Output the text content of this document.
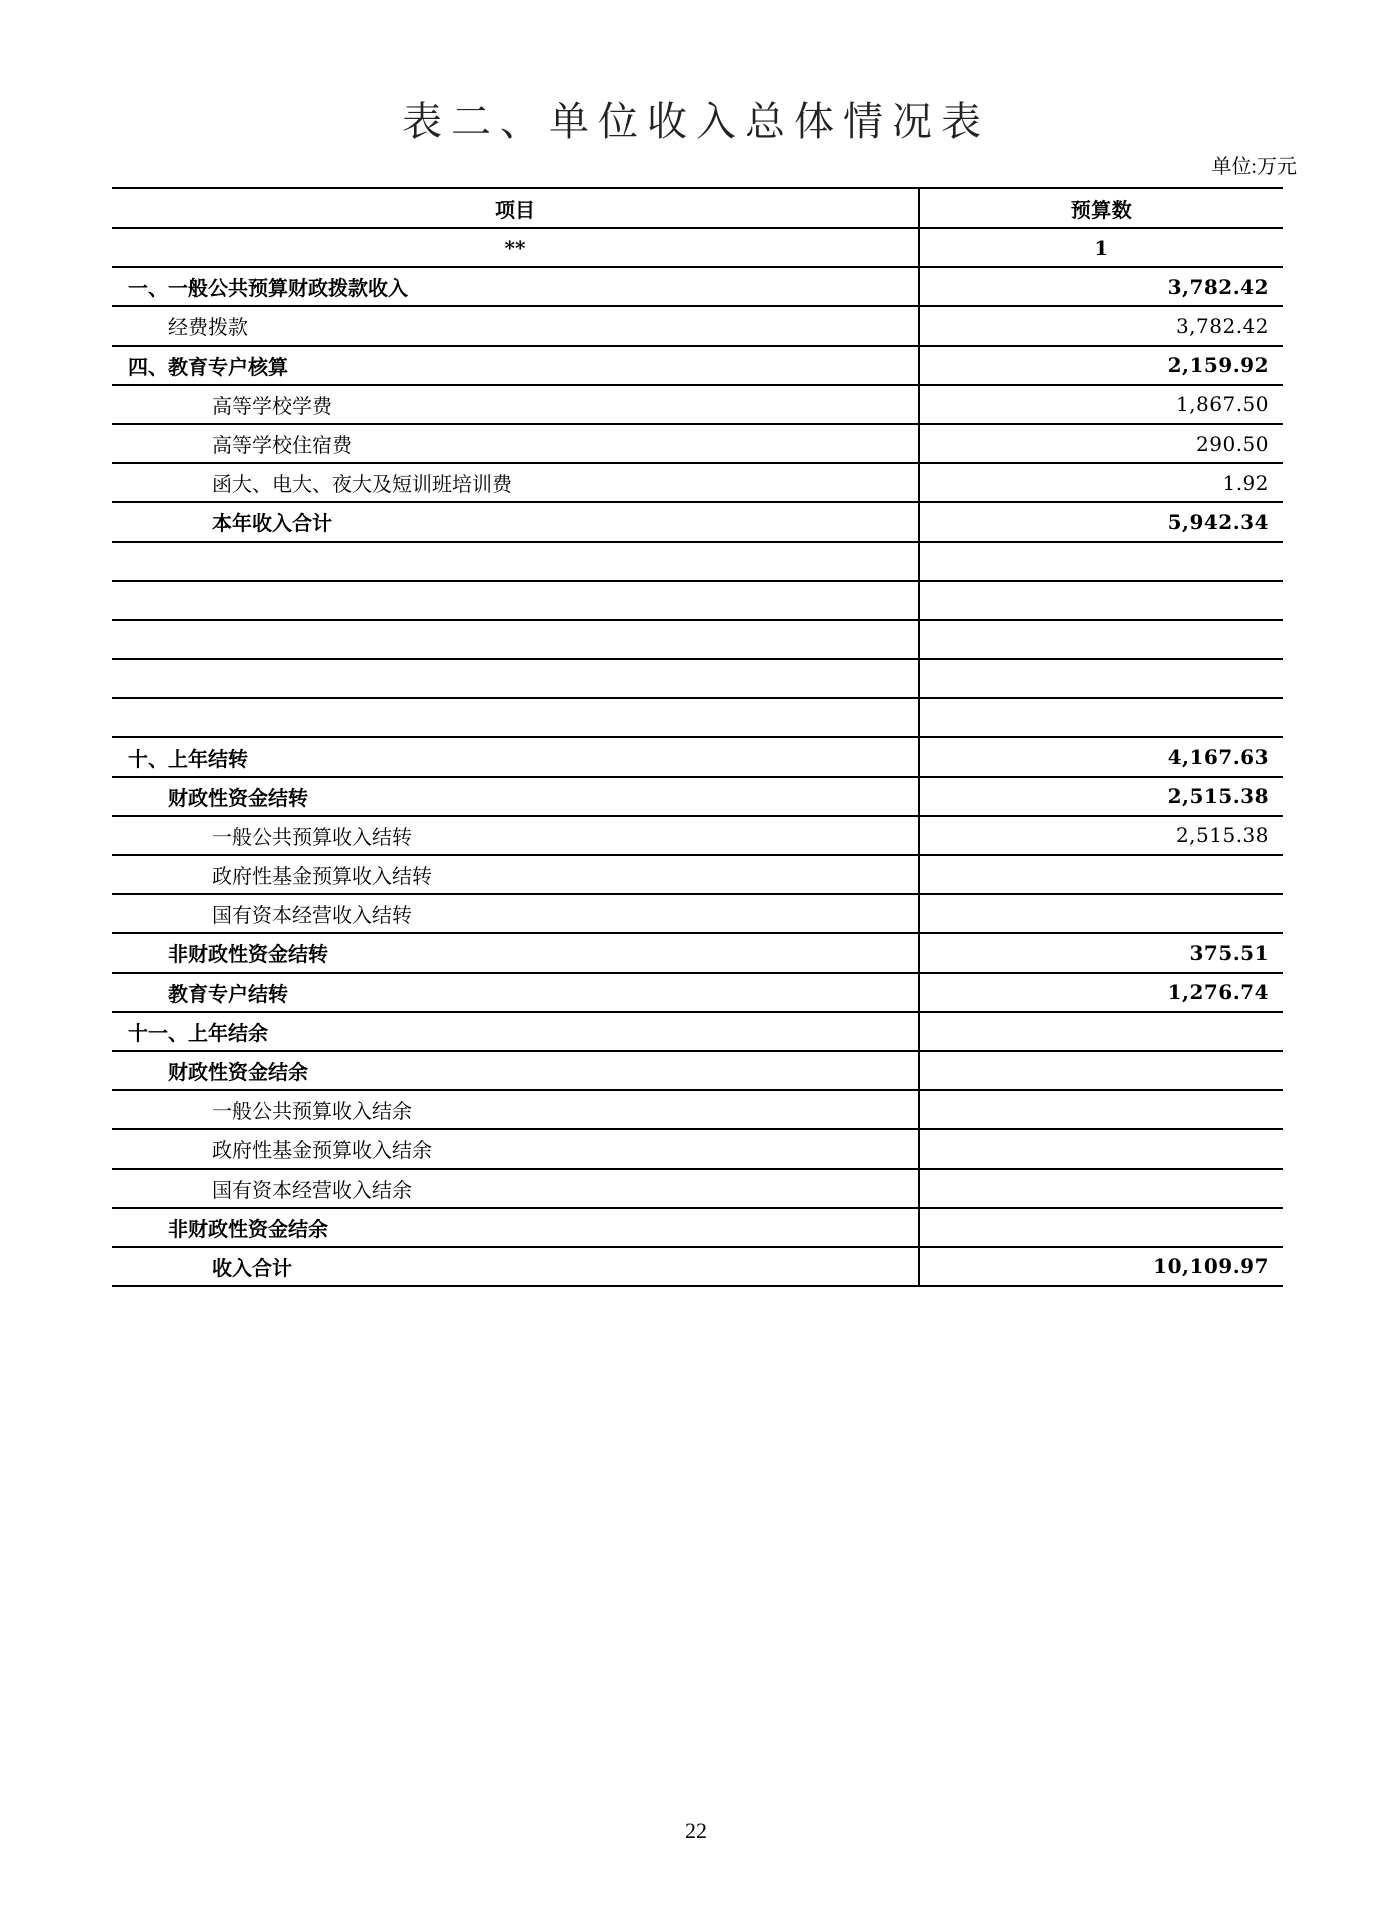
表二、单位收入总体情况表
单位:万元
项目	预算数
**	1
一、一般公共预算财政拨款收入	3,782.42
经费拨款	3,782.42
四、教育专户核算	2,159.92
高等学校学费	1,867.50
高等学校住宿费	290.50
函大、电大、夜大及短训班培训费	1.92
本年收入合计	5,942.34
十、上年结转	4,167.63
财政性资金结转	2,515.38
一般公共预算收入结转	2,515.38
政府性基金预算收入结转
国有资本经营收入结转
非财政性资金结转	375.51
教育专户结转	1,276.74
十一、上年结余
财政性资金结余
一般公共预算收入结余
政府性基金预算收入结余
国有资本经营收入结余
非财政性资金结余
收入合计	10,109.97
22
